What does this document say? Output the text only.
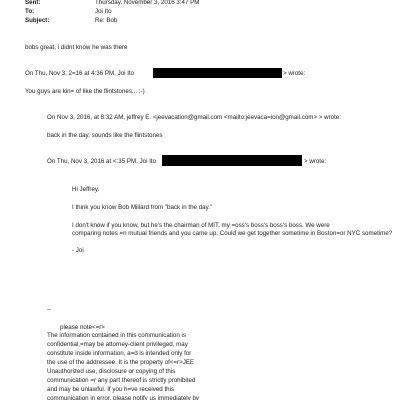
Sent:	Thursday, November 3, 2016 3:47 PM
To:	Joi Ito
Subject:	Re: Bob
bobs great, i didnt know he was there
On Thu, Nov 3, 2=16 at 4:36 PM, Joi Ito	> wrote:
You guys are kin= of like the flintstones... ;-)
On Nov 3, 2016, at 8:32 AM, jeffrey E. <jeevacation@gmail.com <mailto:jeevaca=ion@gmail.com> > wrote:
back in the day, sounds like the flintstones
On Thu, Nov 3, 2016 at <:35 PM, Joi Ito	> wrote:
Hi Jeffrey.
I think you know Bob Millard from "back in the day."
I don't know if you know, but he's the chairman of MIT, my =oss's boss's boss's boss. We were
comparing notes =n mutual friends and you came up. Could we get together sometime in Boston=or NYC sometime?
- Joi
--
please note<=r>
The information contained in this communication is
confidential,=may be attorney-client privileged, may
constitute inside information, a=d is intended only for
the use of the addressee. It is the property of<=r>JEE
Unauthorized use, disclosure or copying of this
communication =r any part thereof is strictly prohibited
and may be unlawful. If you h=ve received this
communication in error, please notify us immediately by
